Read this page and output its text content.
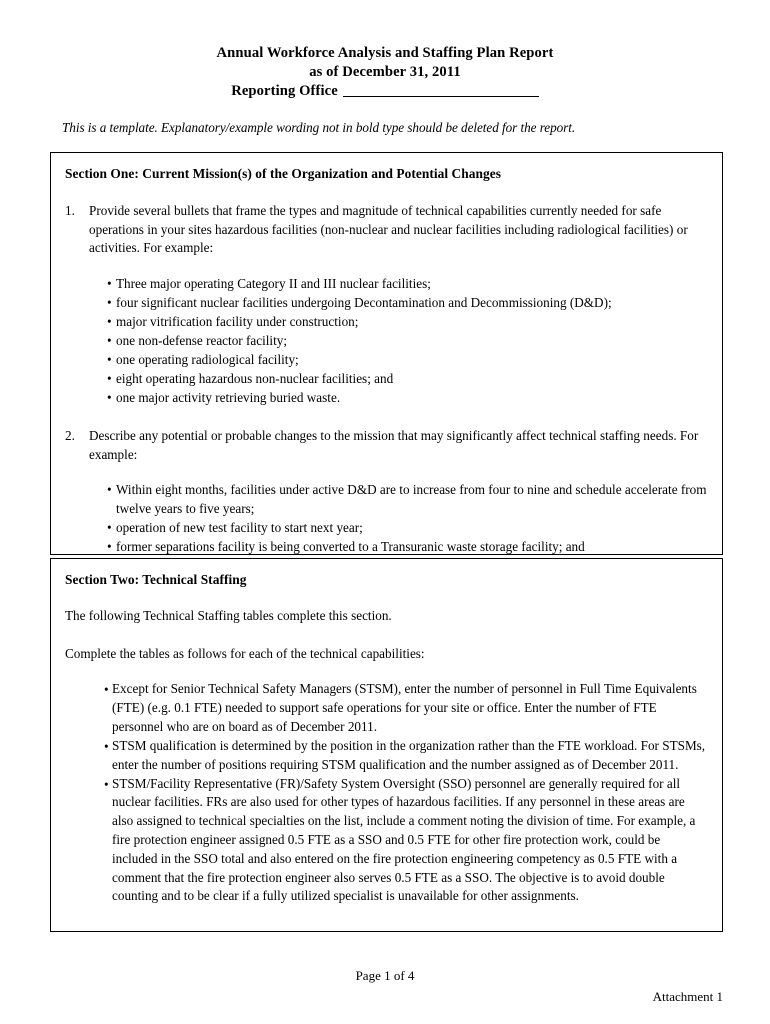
Annual Workforce Analysis and Staffing Plan Report
as of December 31, 2011
Reporting Office
This is a template. Explanatory/example wording not in bold type should be deleted for the report.
Section One: Current Mission(s) of the Organization and Potential Changes
1.	Provide several bullets that frame the types and magnitude of technical capabilities currently needed for safe operations in your sites hazardous facilities (non-nuclear and nuclear facilities including radiological facilities) or activities. For example:
• Three major operating Category II and III nuclear facilities;
• four significant nuclear facilities undergoing Decontamination and Decommissioning (D&D);
• major vitrification facility under construction;
• one non-defense reactor facility;
• one operating radiological facility;
• eight operating hazardous non-nuclear facilities; and
• one major activity retrieving buried waste.
2.	Describe any potential or probable changes to the mission that may significantly affect technical staffing needs. For example:
• Within eight months, facilities under active D&D are to increase from four to nine and schedule accelerate from twelve years to five years;
• operation of new test facility to start next year;
• former separations facility is being converted to a Transuranic waste storage facility; and
Section Two: Technical Staffing
The following Technical Staffing tables complete this section.
Complete the tables as follows for each of the technical capabilities:
• Except for Senior Technical Safety Managers (STSM), enter the number of personnel in Full Time Equivalents (FTE) (e.g. 0.1 FTE) needed to support safe operations for your site or office. Enter the number of FTE personnel who are on board as of December 2011.
• STSM qualification is determined by the position in the organization rather than the FTE workload. For STSMs, enter the number of positions requiring STSM qualification and the number assigned as of December 2011.
• STSM/Facility Representative (FR)/Safety System Oversight (SSO) personnel are generally required for all nuclear facilities. FRs are also used for other types of hazardous facilities. If any personnel in these areas are also assigned to technical specialties on the list, include a comment noting the division of time. For example, a fire protection engineer assigned 0.5 FTE as a SSO and 0.5 FTE for other fire protection work, could be included in the SSO total and also entered on the fire protection engineering competency as 0.5 FTE with a comment that the fire protection engineer also serves 0.5 FTE as a SSO. The objective is to avoid double counting and to be clear if a fully utilized specialist is unavailable for other assignments.
Page 1 of 4
Attachment 1
